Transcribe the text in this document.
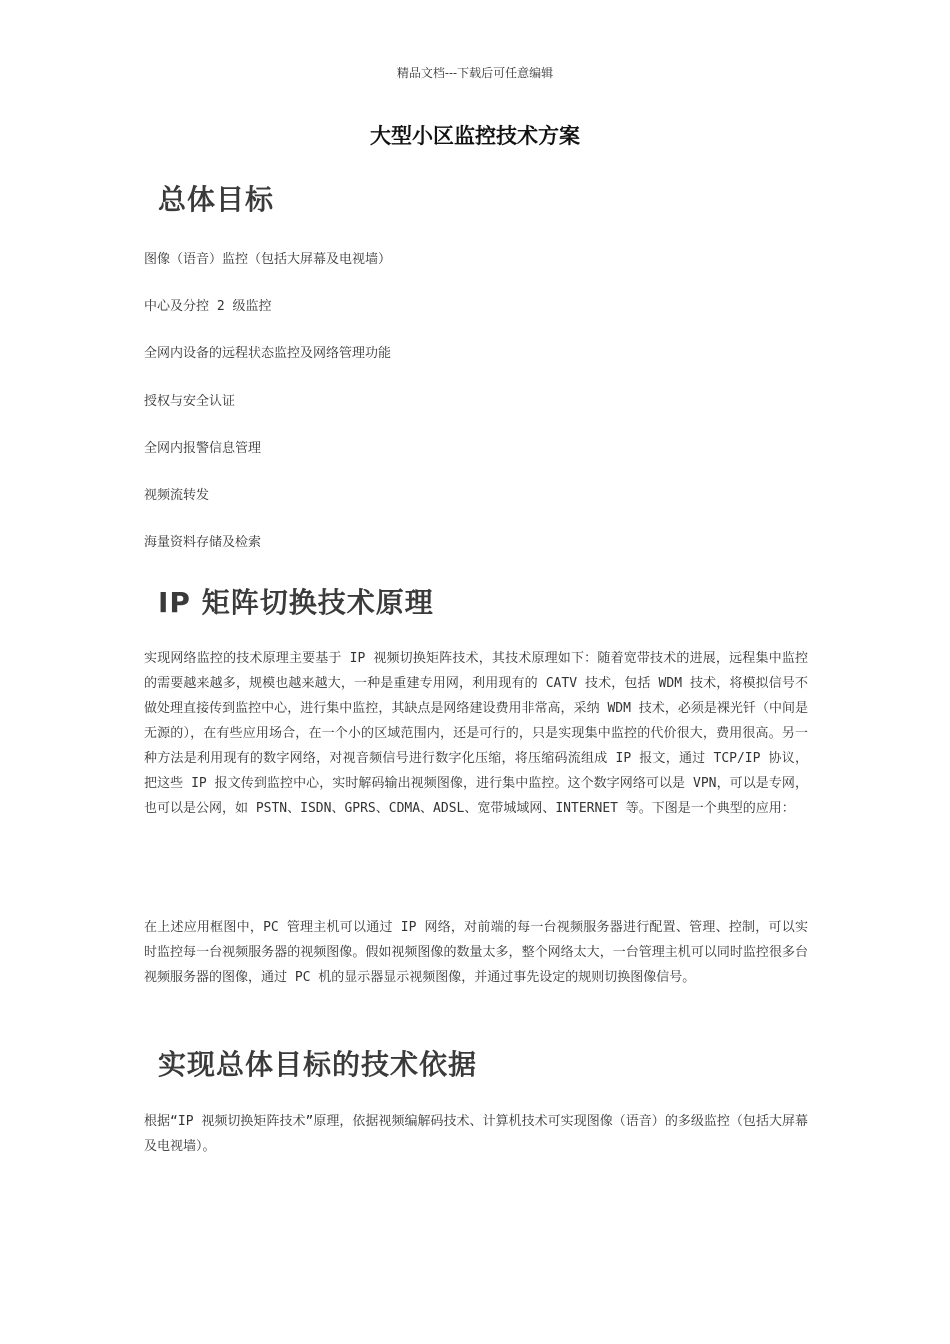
精品文档---下载后可任意编辑

大型小区监控技术方案
总体目标

图像（语音）监控（包括大屏幕及电视墙）

中心及分控 2 级监控

全网内设备的远程状态监控及网络管理功能

授权与安全认证

全网内报警信息管理

视频流转发

海量资料存储及检索

IP 矩阵切换技术原理

实现网络监控的技术原理主要基于 IP 视频切换矩阵技术，其技术原理如下：随着宽带技术的进展，远程集中监控的需要越来越多，规模也越来越大，一种是重建专用网，利用现有的 CATV 技术，包括 WDM 技术，将模拟信号不做处理直接传到监控中心，进行集中监控，其缺点是网络建设费用非常高，采纳 WDM 技术，必须是裸光钎（中间是无源的），在有些应用场合，在一个小的区域范围内，还是可行的，只是实现集中监控的代价很大，费用很高。另一种方法是利用现有的数字网络，对视音频信号进行数字化压缩，将压缩码流组成 IP 报文，通过 TCP/IP 协议，把这些 IP 报文传到监控中心，实时解码输出视频图像，进行集中监控。这个数字网络可以是 VPN，可以是专网，也可以是公网，如 PSTN、ISDN、GPRS、CDMA、ADSL、宽带城域网、INTERNET 等。下图是一个典型的应用：

在上述应用框图中，PC 管理主机可以通过 IP 网络，对前端的每一台视频服务器进行配置、管理、控制，可以实时监控每一台视频服务器的视频图像。假如视频图像的数量太多，整个网络太大，一台管理主机可以同时监控很多台视频服务器的图像，通过 PC 机的显示器显示视频图像，并通过事先设定的规则切换图像信号。

实现总体目标的技术依据

根据“IP 视频切换矩阵技术”原理，依据视频编解码技术、计算机技术可实现图像（语音）的多级监控（包括大屏幕及电视墙）。
